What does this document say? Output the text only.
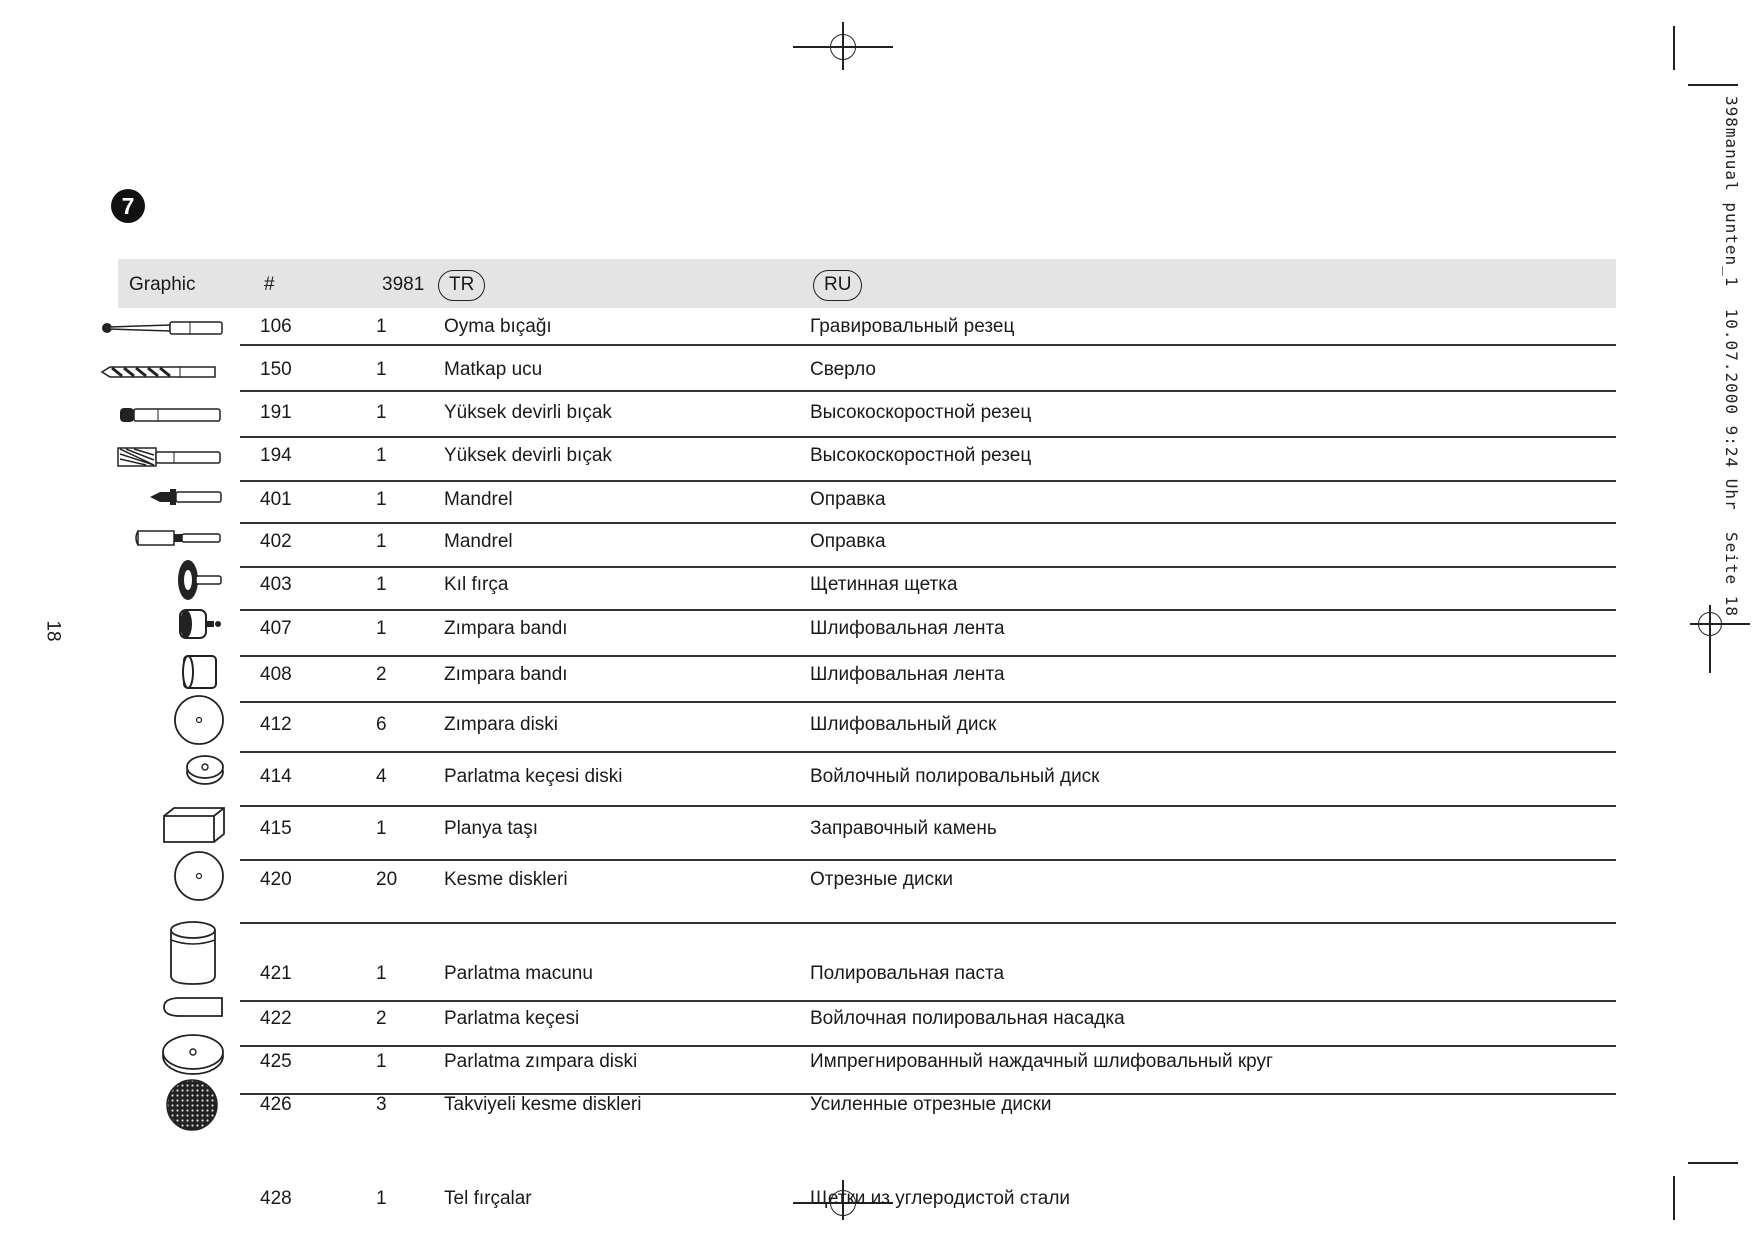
398manual punten_1  10.07.2000 9:24 Uhr  Seite 18
7
18
Graphic	#	3981	TR	RU
106	1	Oyma bıçağı	Гравировальный резец
150	1	Matkap ucu	Сверло
191	1	Yüksek devirli bıçak	Высокоскоростной резец
194	1	Yüksek devirli bıçak	Высокоскоростной резец
401	1	Mandrel	Оправка
402	1	Mandrel	Оправка
403	1	Kıl fırça	Щетинная щетка
407	1	Zımpara bandı	Шлифовальная лента
408	2	Zımpara bandı	Шлифовальная лента
412	6	Zımpara diski	Шлифовальный диск
414	4	Parlatma keçesi diski	Войлочный полировальный диск
415	1	Planya taşı	Заправочный камень
420	20 Kesme diskleri	Отрезные диски
421	1	Parlatma macunu	Полировальная паста
422	2	Parlatma keçesi	Войлочная полировальная насадка
425	1	Parlatma zımpara diski	Импрегнированный наждачный шлифовальный круг
426	3	Takviyeli kesme diskleri	Усиленные отрезные диски
428	1	Tel fırçalar	Щетки из углеродистой стали
